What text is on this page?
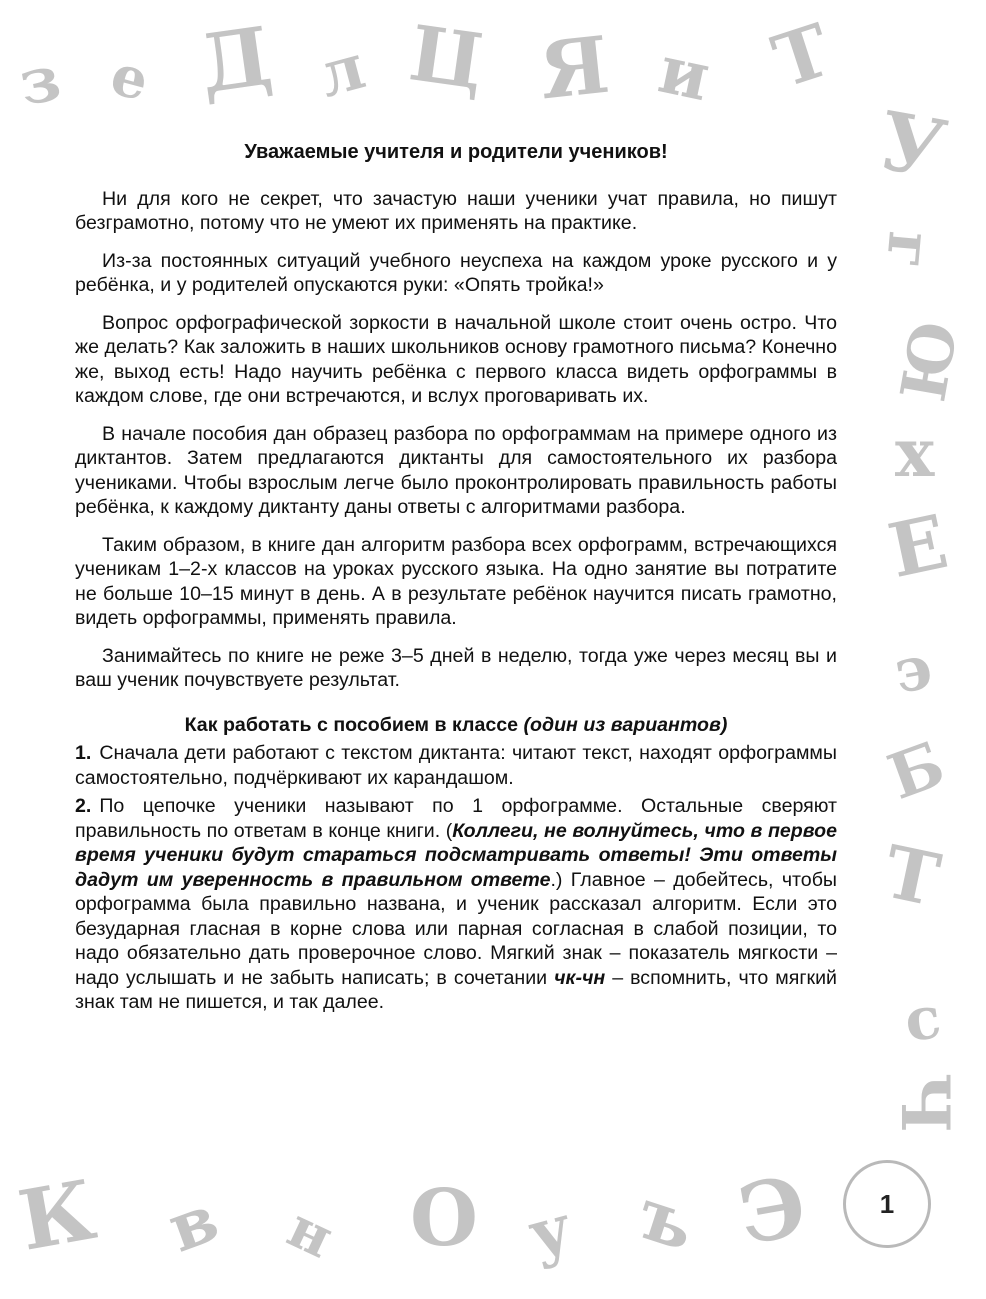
з е Д л Ц Я и Т
У
г
Ю
х
Е
э
Б
Т
с
Ч
К в н О у ъ Э
Уважаемые учителя и родители учеников!

Ни для кого не секрет, что зачастую наши ученики учат правила, но пишут безграмотно, потому что не умеют их применять на практике.

Из-за постоянных ситуаций учебного неуспеха на каждом уроке русского и у ребёнка, и у родителей опускаются руки: «Опять тройка!»

Вопрос орфографической зоркости в начальной школе стоит очень остро. Что же делать? Как заложить в наших школьников основу грамотного письма? Конечно же, выход есть! Надо научить ребёнка с первого класса видеть орфограммы в каждом слове, где они встречаются, и вслух проговаривать их.

В начале пособия дан образец разбора по орфограммам на примере одного из диктантов. Затем предлагаются диктанты для самостоятельного их разбора учениками. Чтобы взрослым легче было проконтролировать правильность работы ребёнка, к каждому диктанту даны ответы с алгоритмами разбора.

Таким образом, в книге дан алгоритм разбора всех орфограмм, встречающихся ученикам 1–2-х классов на уроках русского языка. На одно занятие вы потратите не больше 10–15 минут в день. А в результате ребёнок научится писать грамотно, видеть орфограммы, применять правила.

Занимайтесь по книге не реже 3–5 дней в неделю, тогда уже через месяц вы и ваш ученик почувствуете результат.

Как работать с пособием в классе (один из вариантов)

1. Сначала дети работают с текстом диктанта: читают текст, находят орфограммы самостоятельно, подчёркивают их карандашом.

2. По цепочке ученики называют по 1 орфограмме. Остальные сверяют правильность по ответам в конце книги. (Коллеги, не волнуйтесь, что в первое время ученики будут стараться подсматривать ответы! Эти ответы дадут им уверенность в правильном ответе.) Главное – добейтесь, чтобы орфограмма была правильно названа, и ученик рассказал алгоритм. Если это безударная гласная в корне слова или парная согласная в слабой позиции, то надо обязательно дать проверочное слово. Мягкий знак – показатель мягкости – надо услышать и не забыть написать; в сочетании чк-чн – вспомнить, что мягкий знак там не пишется, и так далее.

1
